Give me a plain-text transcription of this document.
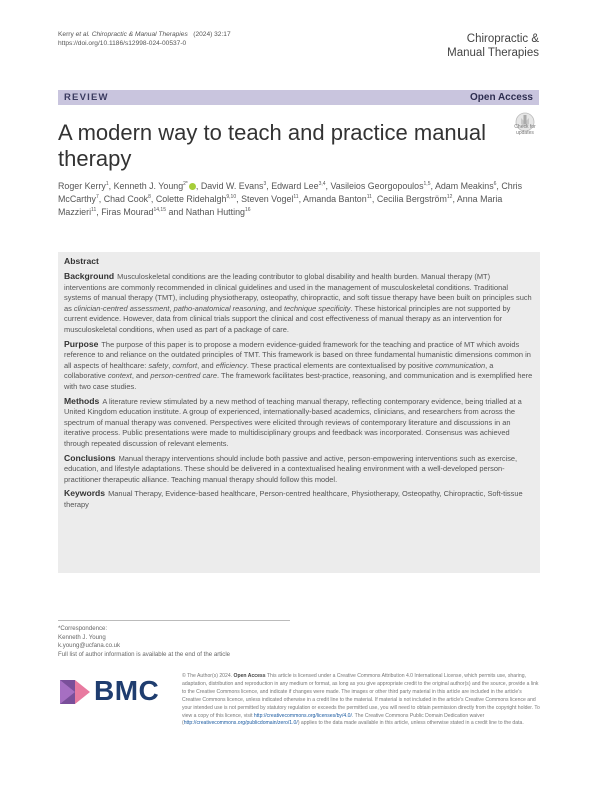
Kerry et al. Chiropractic & Manual Therapies (2024) 32:17
https://doi.org/10.1186/s12998-024-00537-0	Chiropractic &
Manual Therapies
REVIEW	Open Access
A modern way to teach and practice manual therapy
Check for
updates
Roger Kerry$^1$, Kenneth J. Young$^{2*}$ , David W. Evans$^3$, Edward Lee$^{3,4}$, Vasileios Georgopoulos$^{1,5}$, Adam Meakins$^6$, Chris McCarthy$^7$, Chad Cook$^8$, Colette Ridehalgh$^{9,10}$, Steven Vogel$^{11}$, Amanda Banton$^{11}$, Cecilia Bergström$^{12}$, Anna Maria Mazzieri$^{11}$, Firas Mourad$^{14,15}$ and Nathan Hutting$^{16}$
Abstract

Background Musculoskeletal conditions are the leading contributor to global disability and health burden. Manual therapy (MT) interventions are commonly recommended in clinical guidelines and used in the management of musculoskeletal conditions. Traditional systems of manual therapy (TMT), including physiotherapy, osteopathy, chiropractic, and soft tissue therapy have been built on principles such as clinician-centred assessment, patho-anatomical reasoning, and technique specificity. These historical principles are not supported by current evidence. However, data from clinical trials support the clinical and cost effectiveness of manual therapy as an intervention for musculoskeletal conditions, when used as part of a package of care.

Purpose The purpose of this paper is to propose a modern evidence-guided framework for the teaching and practice of MT which avoids reference to and reliance on the outdated principles of TMT. This framework is based on three fundamental humanistic dimensions common in all aspects of healthcare: safety, comfort, and efficiency. These practical elements are contextualised by positive communication, a collaborative context, and person-centred care. The framework facilitates best-practice, reasoning, and communication and is exemplified here with two case studies.

Methods A literature review stimulated by a new method of teaching manual therapy, reflecting contemporary evidence, being trialled at a United Kingdom education institute. A group of experienced, internationally-based academics, clinicians, and researchers from across the spectrum of manual therapy was convened. Perspectives were elicited through reviews of contemporary literature and discussions in an iterative process. Public presentations were made to multidisciplinary groups and feedback was incorporated. Consensus was achieved through repeated discussion of relevant elements.

Conclusions Manual therapy interventions should include both passive and active, person-empowering interventions such as exercise, education, and lifestyle adaptations. These should be delivered in a contextualised healing environment with a well-developed person-practitioner therapeutic alliance. Teaching manual therapy should follow this model.

Keywords Manual Therapy, Evidence-based healthcare, Person-centred healthcare, Physiotherapy, Osteopathy, Chiropractic, Soft-tissue therapy

*Correspondence:
Kenneth J. Young
k.young@ucfana.co.uk
Full list of author information is available at the end of the article
BMC	© The Author(s) 2024. Open Access This article is licensed under a Creative Commons Attribution 4.0 International License, which permits use, sharing, adaptation, distribution and reproduction in any medium or format, as long as you give appropriate credit to the original author(s) and the source, provide a link to the Creative Commons licence, and indicate if changes were made. The images or other third party material in this article are included in the article's Creative Commons licence, unless indicated otherwise in a credit line to the material. If material is not included in the article's Creative Commons licence and your intended use is not permitted by statutory regulation or exceeds the permitted use, you will need to obtain permission directly from the copyright holder. To view a copy of this licence, visit http://creativecommons.org/licenses/by/4.0/. The Creative Commons Public Domain Dedication waiver (http://creativecommons.org/publicdomain/zero/1.0/) applies to the data made available in this article, unless otherwise stated in a credit line to the data.
